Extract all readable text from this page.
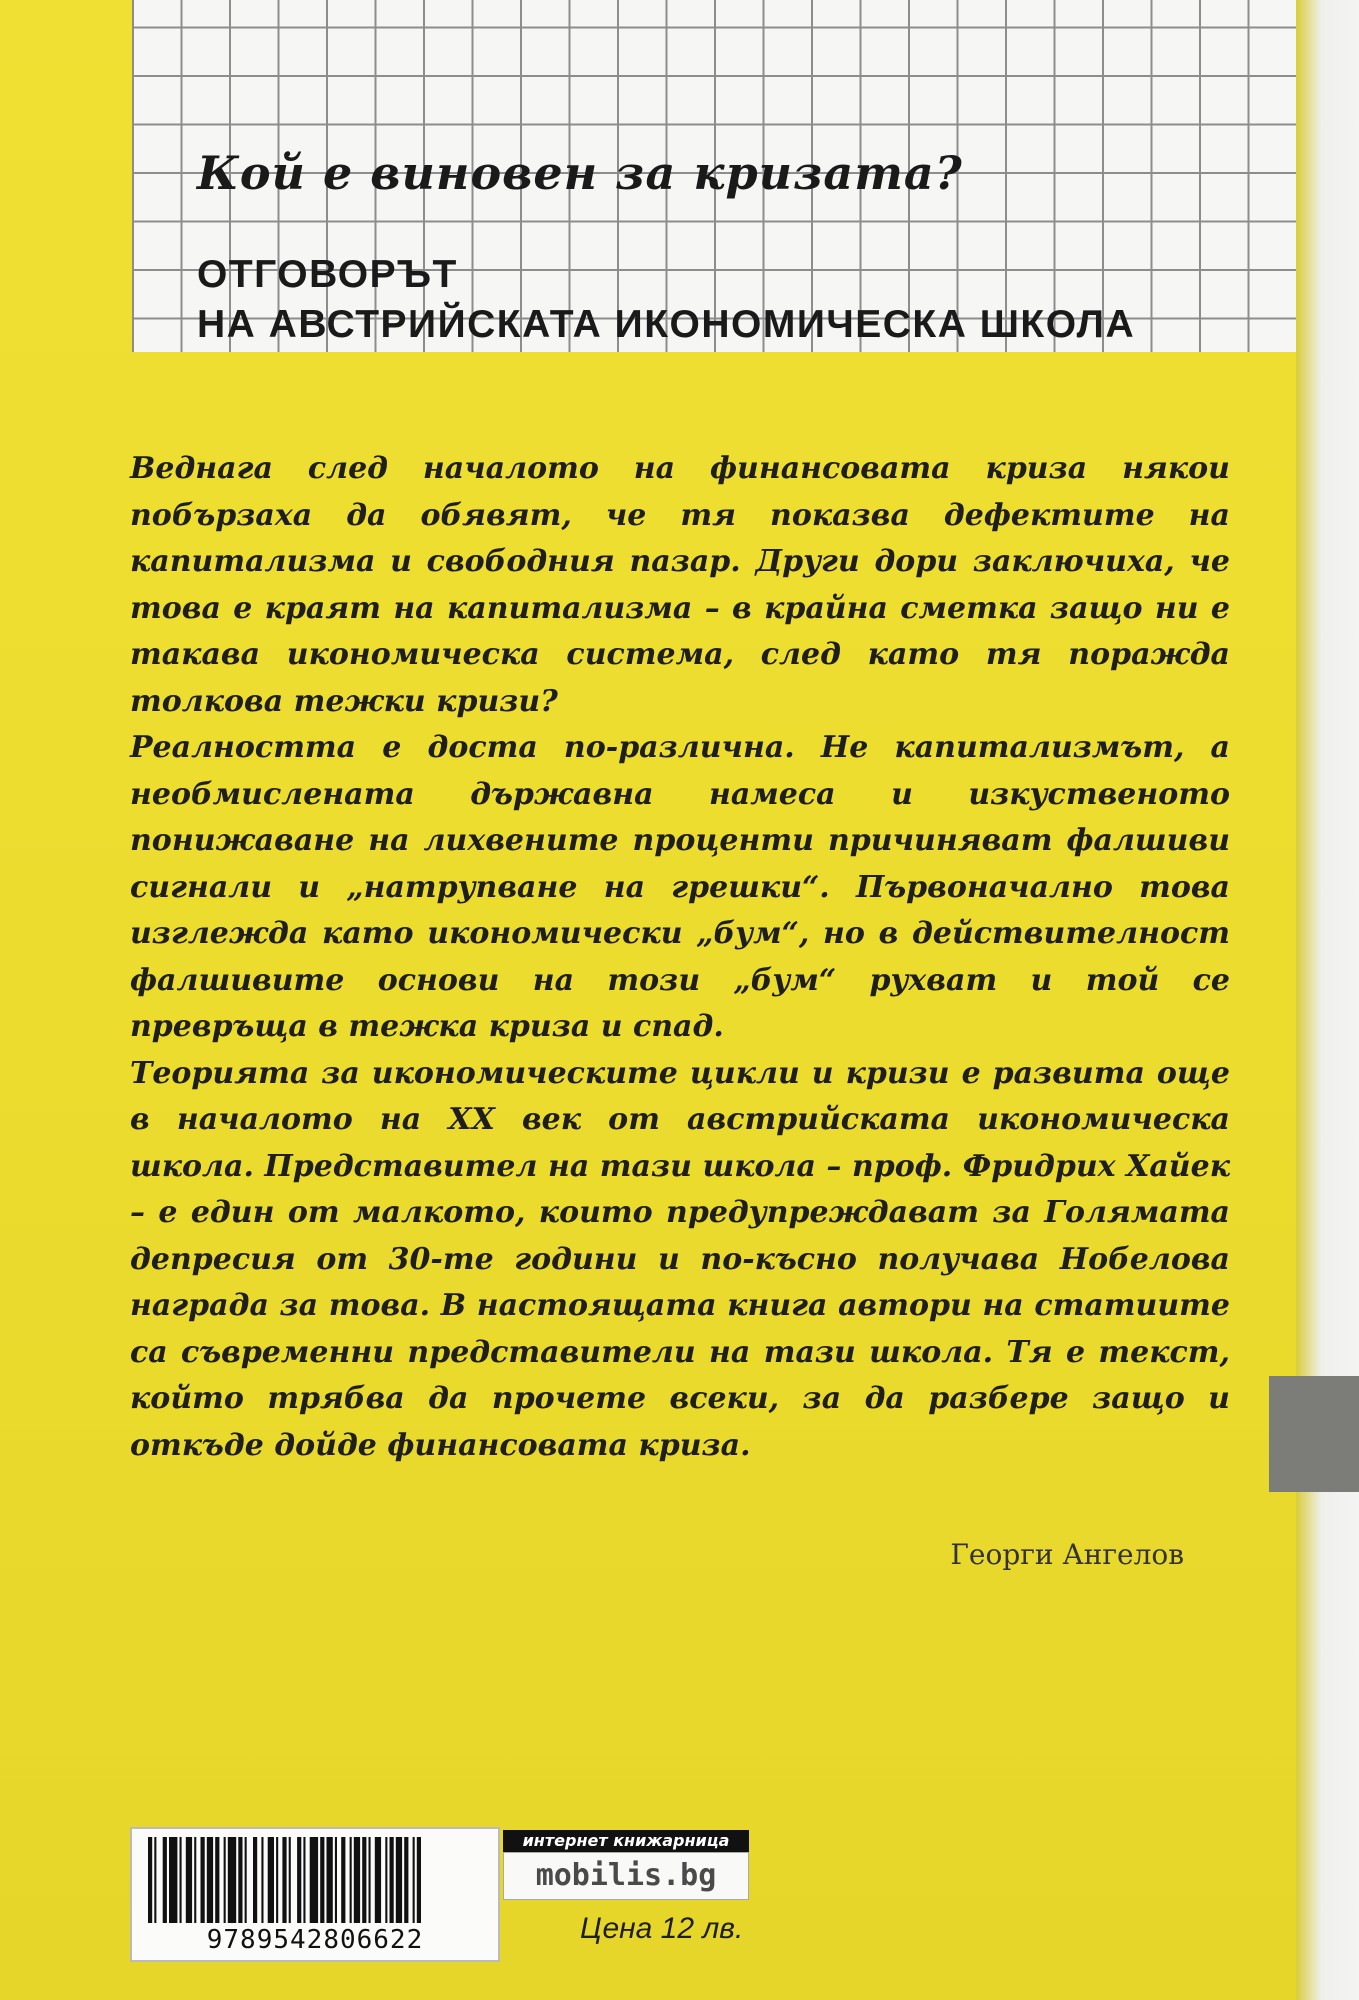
Кой е виновен за кризата?
ОТГОВОРЪТ
НА АВСТРИЙСКАТА ИКОНОМИЧЕСКА ШКОЛА

Веднага след началото на финансовата криза някои побързаха да обявят, че тя показва дефектите на капитализма и свободния пазар. Други дори заключиха, че това е краят на капитализма – в крайна сметка защо ни е такава икономическа система, след като тя поражда толкова тежки кризи?

Реалността е доста по-различна. Не капитализмът, а необмислената държавна намеса и изкуственото понижаване на лихвените проценти причиняват фалшиви сигнали и „натрупване на грешки“. Първоначално това изглежда като икономически „бум“, но в действителност фалшивите основи на този „бум“ рухват и той се превръща в тежка криза и спад.

Теорията за икономическите цикли и кризи е развита още в началото на XX век от австрийската икономическа школа. Представител на тази школа – проф. Фридрих Хайек – е един от малкото, които предупреждават за Голямата депресия от 30-те години и по-късно получава Нобелова награда за това. В настоящата книга автори на статиите са съвременни представители на тази школа. Тя е текст, който трябва да прочете всеки, за да разбере защо и откъде дойде финансовата криза.

Георги Ангелов
9789542806622
интернет книжарница
mobilis.bg
Цена 12 лв.
